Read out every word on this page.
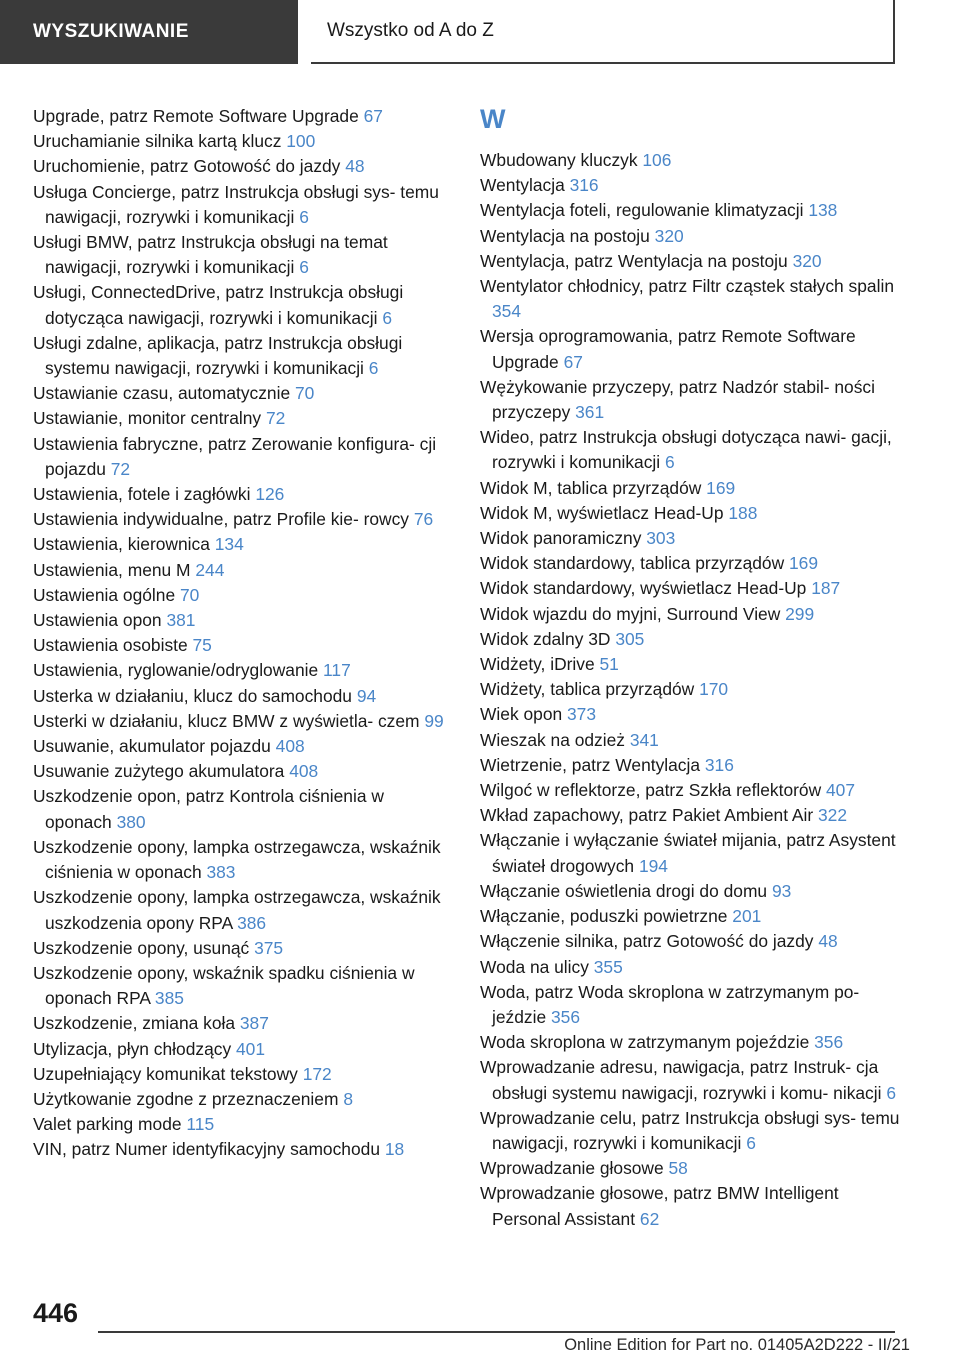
WYSZUKIWANIE	Wszystko od A do Z
Upgrade, patrz Remote Software Upgrade 67
Uruchamianie silnika kartą klucz 100
Uruchomienie, patrz Gotowość do jazdy 48
Usługa Concierge, patrz Instrukcja obsługi sys- temu nawigacji, rozrywki i komunikacji 6
Usługi BMW, patrz Instrukcja obsługi na temat nawigacji, rozrywki i komunikacji 6
Usługi, ConnectedDrive, patrz Instrukcja obsługi dotycząca nawigacji, rozrywki i komunikacji 6
Usługi zdalne, aplikacja, patrz Instrukcja obsługi systemu nawigacji, rozrywki i komunikacji 6
Ustawianie czasu, automatycznie 70
Ustawianie, monitor centralny 72
Ustawienia fabryczne, patrz Zerowanie konfigura- cji pojazdu 72
Ustawienia, fotele i zagłówki 126
Ustawienia indywidualne, patrz Profile kie- rowcy 76
Ustawienia, kierownica 134
Ustawienia, menu M 244
Ustawienia ogólne 70
Ustawienia opon 381
Ustawienia osobiste 75
Ustawienia, ryglowanie/odryglowanie 117
Usterka w działaniu, klucz do samochodu 94
Usterki w działaniu, klucz BMW z wyświetla- czem 99
Usuwanie, akumulator pojazdu 408
Usuwanie zużytego akumulatora 408
Uszkodzenie opon, patrz Kontrola ciśnienia w oponach 380
Uszkodzenie opony, lampka ostrzegawcza, wskaźnik ciśnienia w oponach 383
Uszkodzenie opony, lampka ostrzegawcza, wskaźnik uszkodzenia opony RPA 386
Uszkodzenie opony, usunąć 375
Uszkodzenie opony, wskaźnik spadku ciśnienia w oponach RPA 385
Uszkodzenie, zmiana koła 387
Utylizacja, płyn chłodzący 401
Uzupełniający komunikat tekstowy 172
Użytkowanie zgodne z przeznaczeniem 8
Valet parking mode 115
VIN, patrz Numer identyfikacyjny samochodu 18
W
Wbudowany kluczyk 106
Wentylacja 316
Wentylacja foteli, regulowanie klimatyzacji 138
Wentylacja na postoju 320
Wentylacja, patrz Wentylacja na postoju 320
Wentylator chłodnicy, patrz Filtr cząstek stałych spalin 354
Wersja oprogramowania, patrz Remote Software Upgrade 67
Wężykowanie przyczepy, patrz Nadzór stabil- ności przyczepy 361
Wideo, patrz Instrukcja obsługi dotycząca nawi- gacji, rozrywki i komunikacji 6
Widok M, tablica przyrządów 169
Widok M, wyświetlacz Head-Up 188
Widok panoramiczny 303
Widok standardowy, tablica przyrządów 169
Widok standardowy, wyświetlacz Head-Up 187
Widok wjazdu do myjni, Surround View 299
Widok zdalny 3D 305
Widżety, iDrive 51
Widżety, tablica przyrządów 170
Wiek opon 373
Wieszak na odzież 341
Wietrzenie, patrz Wentylacja 316
Wilgoć w reflektorze, patrz Szkła reflektorów 407
Wkład zapachowy, patrz Pakiet Ambient Air 322
Włączanie i wyłączanie świateł mijania, patrz Asystent świateł drogowych 194
Włączanie oświetlenia drogi do domu 93
Włączanie, poduszki powietrzne 201
Włączenie silnika, patrz Gotowość do jazdy 48
Woda na ulicy 355
Woda, patrz Woda skroplona w zatrzymanym po- jeździe 356
Woda skroplona w zatrzymanym pojeździe 356
Wprowadzanie adresu, nawigacja, patrz Instruk- cja obsługi systemu nawigacji, rozrywki i komu- nikacji 6
Wprowadzanie celu, patrz Instrukcja obsługi sys- temu nawigacji, rozrywki i komunikacji 6
Wprowadzanie głosowe 58
Wprowadzanie głosowe, patrz BMW Intelligent Personal Assistant 62
446
Online Edition for Part no. 01405A2D222 - II/21
